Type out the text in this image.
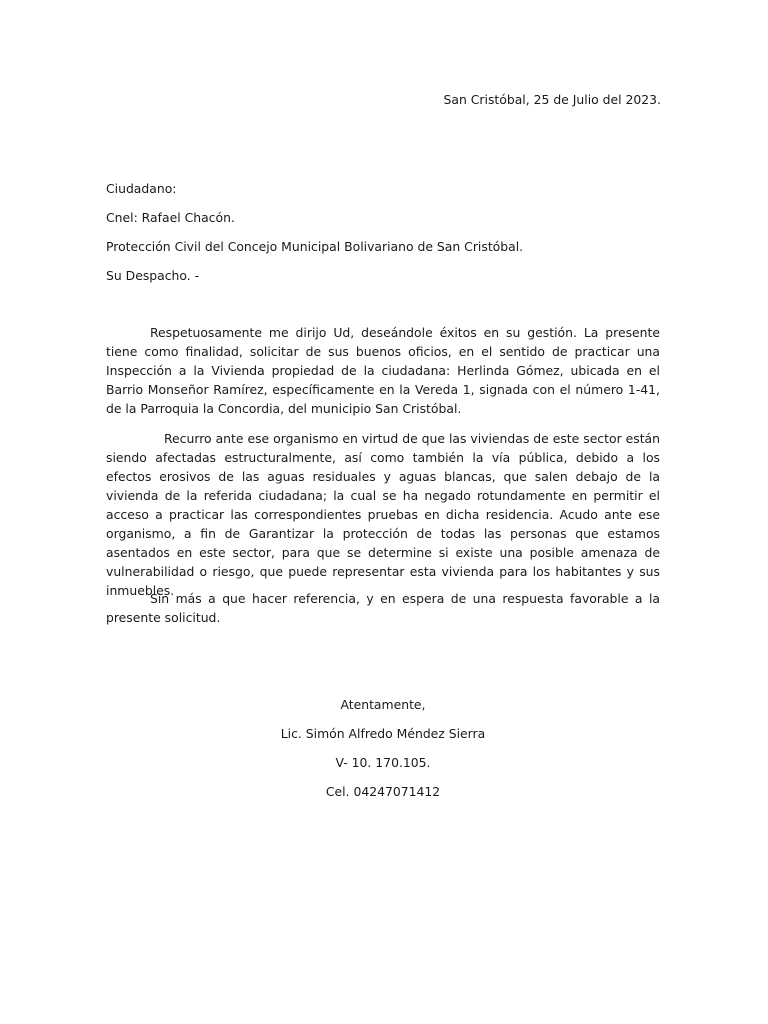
San Cristóbal, 25 de Julio del 2023.

Ciudadano:

Cnel: Rafael Chacón.

Protección Civil del Concejo Municipal Bolivariano de San Cristóbal.

Su Despacho. -

Respetuosamente me dirijo Ud, deseándole éxitos en su gestión. La presente tiene como finalidad, solicitar de sus buenos oficios, en el sentido de practicar una Inspección a la Vivienda propiedad de la ciudadana: Herlinda Gómez, ubicada en el Barrio Monseñor Ramírez, específicamente en la Vereda 1, signada con el número 1-41, de la Parroquia la Concordia, del municipio San Cristóbal.

Recurro ante ese organismo en virtud de que las viviendas de este sector están siendo afectadas estructuralmente, así como también la vía pública, debido a los efectos erosivos de las aguas residuales y aguas blancas, que salen debajo de la vivienda de la referida ciudadana; la cual se ha negado rotundamente en permitir el acceso a practicar las correspondientes pruebas en dicha residencia. Acudo ante ese organismo, a fin de Garantizar la protección de todas las personas que estamos asentados en este sector, para que se determine si existe una posible amenaza de vulnerabilidad o riesgo, que puede representar esta vivienda para los habitantes y sus inmuebles.

Sin más a que hacer referencia, y en espera de una respuesta favorable a la presente solicitud.

Atentamente,

Lic. Simón Alfredo Méndez Sierra

V- 10. 170.105.

Cel. 04247071412
